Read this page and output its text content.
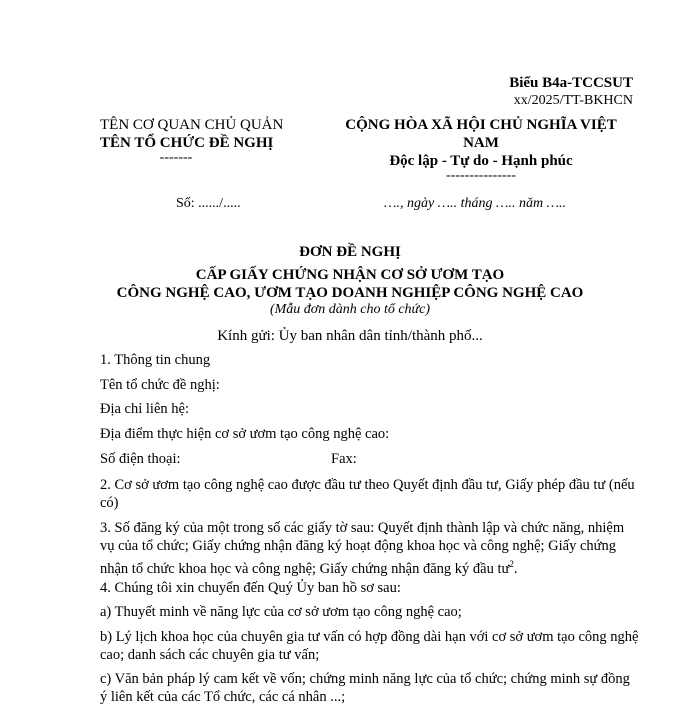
Biểu B4a-TCCSUT
xx/2025/TT-BKHCN
TÊN CƠ QUAN CHỦ QUẢN
TÊN TỔ CHỨC ĐỀ NGHỊ
-------
CỘNG HÒA XÃ HỘI CHỦ NGHĨA VIỆT
NAM
Độc lập - Tự do - Hạnh phúc
---------------
Số: ....../.....	…., ngày ….. tháng ….. năm …..
ĐƠN ĐỀ NGHỊ
CẤP GIẤY CHỨNG NHẬN CƠ SỞ ƯƠM TẠO
CÔNG NGHỆ CAO, ƯƠM TẠO DOANH NGHIỆP CÔNG NGHỆ CAO
(Mẫu đơn dành cho tổ chức)
Kính gửi: Ủy ban nhân dân tỉnh/thành phố...
1. Thông tin chung
Tên tổ chức đề nghị:
Địa chỉ liên hệ:
Địa điểm thực hiện cơ sở ươm tạo công nghệ cao:
Số điện thoại:	Fax:
2. Cơ sở ươm tạo công nghệ cao được đầu tư theo Quyết định đầu tư, Giấy phép đầu tư (nếu có)
3. Số đăng ký của một trong số các giấy tờ sau: Quyết định thành lập và chức năng, nhiệm vụ của tổ chức; Giấy chứng nhận đăng ký hoạt động khoa học và công nghệ; Giấy chứng nhận tổ chức khoa học và công nghệ; Giấy chứng nhận đăng ký đầu $tư^2$.
4. Chúng tôi xin chuyển đến Quý Ủy ban hồ sơ sau:
a) Thuyết minh về năng lực của cơ sở ươm tạo công nghệ cao;
b) Lý lịch khoa học của chuyên gia tư vấn có hợp đồng dài hạn với cơ sở ươm tạo công nghệ cao; danh sách các chuyên gia tư vấn;
c) Văn bản pháp lý cam kết về vốn; chứng minh năng lực của tổ chức; chứng minh sự đồng ý liên kết của các Tổ chức, các cá nhân ...;
